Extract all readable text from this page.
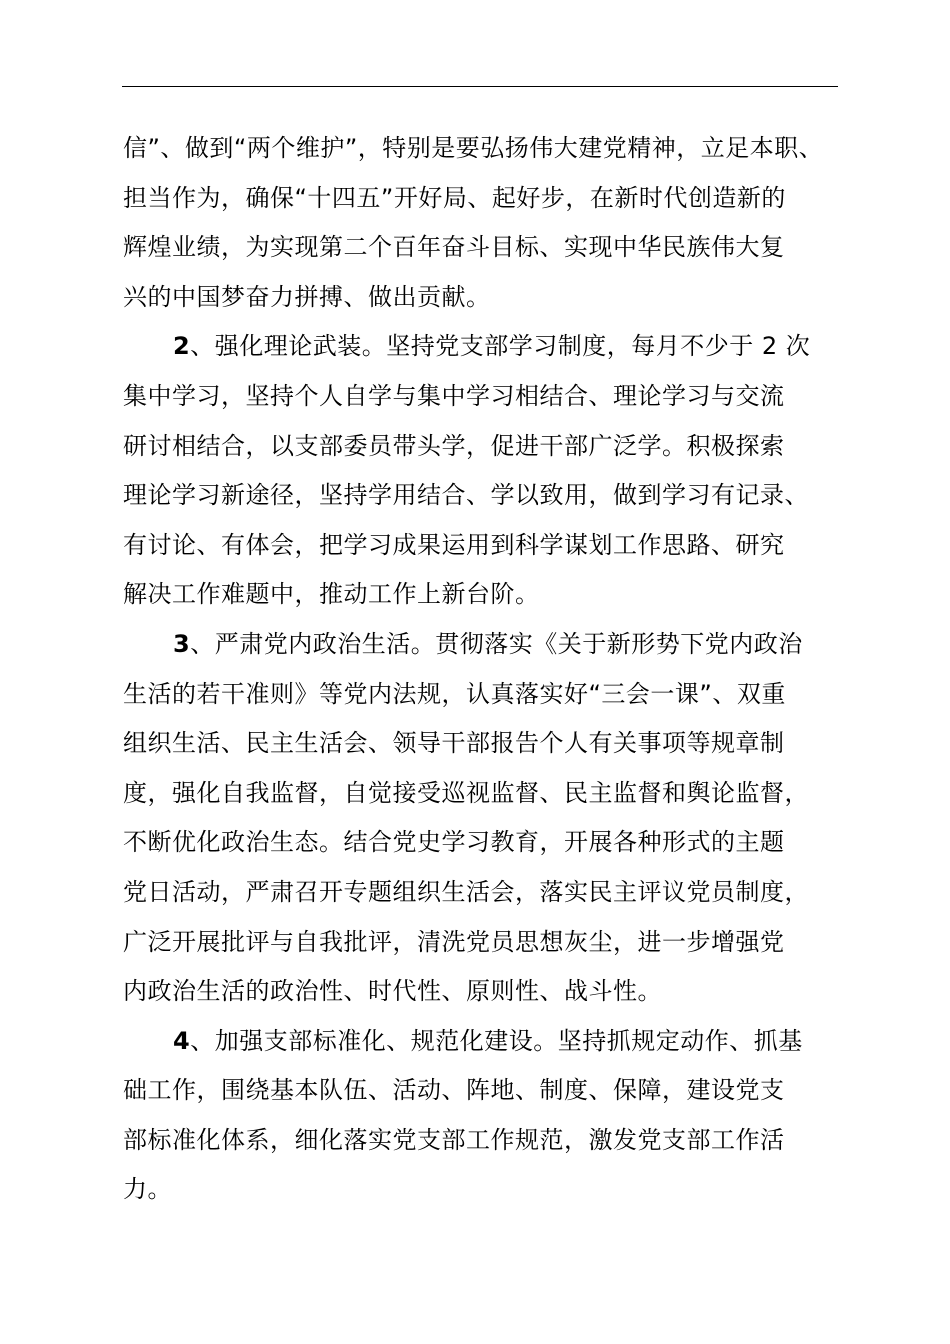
信”、做到“两个维护”，特别是要弘扬伟大建党精神，立足本职、
担当作为，确保“十四五”开好局、起好步，在新时代创造新的
辉煌业绩，为实现第二个百年奋斗目标、实现中华民族伟大复
兴的中国梦奋力拼搏、做出贡献。
2、强化理论武装。坚持党支部学习制度，每月不少于 2 次
集中学习，坚持个人自学与集中学习相结合、理论学习与交流
研讨相结合，以支部委员带头学，促进干部广泛学。积极探索
理论学习新途径，坚持学用结合、学以致用，做到学习有记录、
有讨论、有体会，把学习成果运用到科学谋划工作思路、研究
解决工作难题中，推动工作上新台阶。
3、严肃党内政治生活。贯彻落实《关于新形势下党内政治
生活的若干准则》等党内法规，认真落实好“三会一课”、双重
组织生活、民主生活会、领导干部报告个人有关事项等规章制
度，强化自我监督，自觉接受巡视监督、民主监督和舆论监督，
不断优化政治生态。结合党史学习教育，开展各种形式的主题
党日活动，严肃召开专题组织生活会，落实民主评议党员制度，
广泛开展批评与自我批评，清洗党员思想灰尘，进一步增强党
内政治生活的政治性、时代性、原则性、战斗性。
4、加强支部标准化、规范化建设。坚持抓规定动作、抓基
础工作，围绕基本队伍、活动、阵地、制度、保障，建设党支
部标准化体系，细化落实党支部工作规范，激发党支部工作活
力。
